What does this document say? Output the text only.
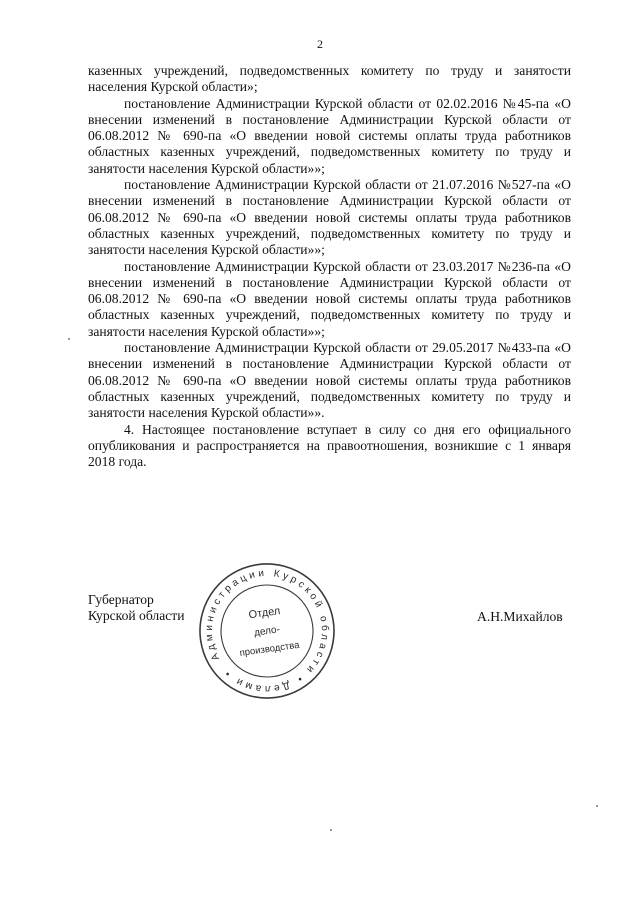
2

казенных учреждений, подведомственных комитету по труду и занятости населения Курской области»;

постановление Администрации Курской области от 02.02.2016 №45-па «О внесении изменений в постановление Администрации Курской области от 06.08.2012 № 690-па «О введении новой системы оплаты труда работников областных казенных учреждений, подведомственных комитету по труду и занятости населения Курской области»»;

постановление Администрации Курской области от 21.07.2016 №527-па «О внесении изменений в постановление Администрации Курской области от 06.08.2012 № 690-па «О введении новой системы оплаты труда работников областных казенных учреждений, подведомственных комитету по труду и занятости населения Курской области»»;

постановление Администрации Курской области от 23.03.2017 №236-па «О внесении изменений в постановление Администрации Курской области от 06.08.2012 № 690-па «О введении новой системы оплаты труда работников областных казенных учреждений, подведомственных комитету по труду и занятости населения Курской области»»;

постановление Администрации Курской области от 29.05.2017 №433-па «О внесении изменений в постановление Администрации Курской области от 06.08.2012 № 690-па «О введении новой системы оплаты труда работников областных казенных учреждений, подведомственных комитету по труду и занятости населения Курской области»».

4. Настоящее постановление вступает в силу со дня его официального опубликования и распространяется на правоотношения, возникшие с 1 января 2018 года.

Губернатор
Курской области
Администрации Курской области • Делами •
Отдел
дело-
производства
А.Н.Михайлов
